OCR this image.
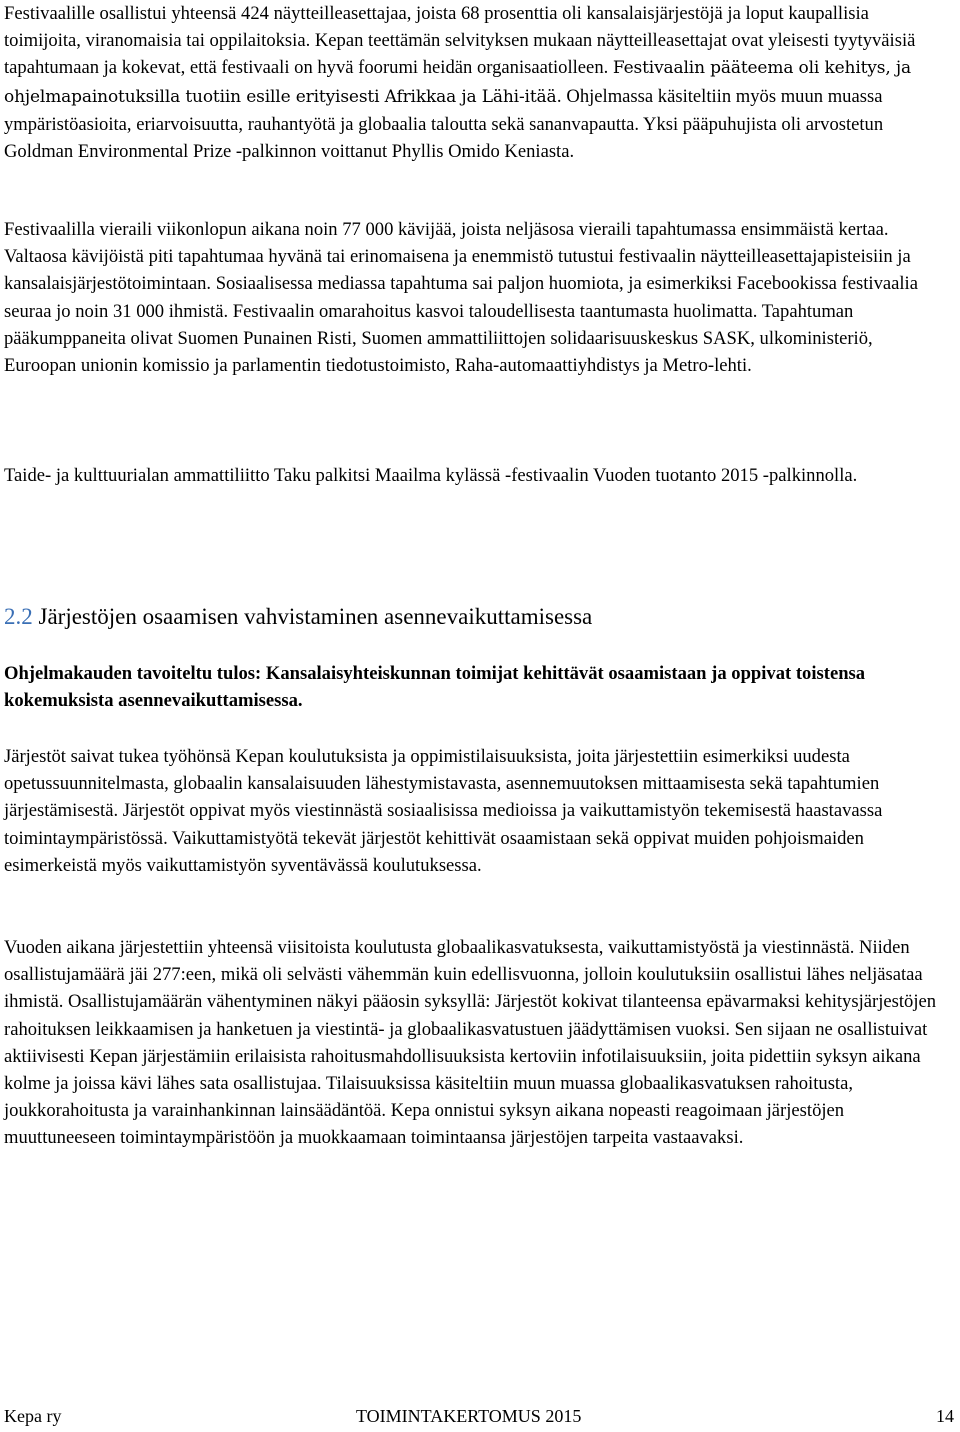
Festivaalille osallistui yhteensä 424 näytteilleasettajaa, joista 68 prosenttia oli kansalaisjärjestöjä ja loput kaupallisia toimijoita, viranomaisia tai oppilaitoksia. Kepan teettämän selvityksen mukaan näytteilleasettajat ovat yleisesti tyytyväisiä tapahtumaan ja kokevat, että festivaali on hyvä foorumi heidän organisaatiolleen. Festivaalin pääteema oli kehitys, ja ohjelmapainotuksilla tuotiin esille erityisesti Afrikkaa ja Lähi-itää. Ohjelmassa käsiteltiin myös muun muassa ympäristöasioita, eriarvoisuutta, rauhantyötä ja globaalia taloutta sekä sananvapautta. Yksi pääpuhujista oli arvostetun Goldman Environmental Prize -palkinnon voittanut Phyllis Omido Keniasta.

Festivaalilla vieraili viikonlopun aikana noin 77 000 kävijää, joista neljäsosa vieraili tapahtumassa ensimmäistä kertaa. Valtaosa kävijöistä piti tapahtumaa hyvänä tai erinomaisena ja enemmistö tutustui festivaalin näytteilleasettajapisteisiin ja kansalaisjärjestötoimintaan. Sosiaalisessa mediassa tapahtuma sai paljon huomiota, ja esimerkiksi Facebookissa festivaalia seuraa jo noin 31 000 ihmistä. Festivaalin omarahoitus kasvoi taloudellisesta taantumasta huolimatta. Tapahtuman pääkumppaneita olivat Suomen Punainen Risti, Suomen ammattiliittojen solidaarisuuskeskus SASK, ulkoministeriö, Euroopan unionin komissio ja parlamentin tiedotustoimisto, Raha-automaattiyhdistys ja Metro-lehti.

Taide- ja kulttuurialan ammattiliitto Taku palkitsi Maailma kylässä -festivaalin Vuoden tuotanto 2015 -palkinnolla.

2.2 Järjestöjen osaamisen vahvistaminen asennevaikuttamisessa

Ohjelmakauden tavoiteltu tulos: Kansalaisyhteiskunnan toimijat kehittävät osaamistaan ja oppivat toistensa kokemuksista asennevaikuttamisessa.

Järjestöt saivat tukea työhönsä Kepan koulutuksista ja oppimistilaisuuksista, joita järjestettiin esimerkiksi uudesta opetussuunnitelmasta, globaalin kansalaisuuden lähestymistavasta, asennemuutoksen mittaamisesta sekä tapahtumien järjestämisestä. Järjestöt oppivat myös viestinnästä sosiaalisissa medioissa ja vaikuttamistyön tekemisestä haastavassa toimintaympäristössä. Vaikuttamistyötä tekevät järjestöt kehittivät osaamistaan sekä oppivat muiden pohjoismaiden esimerkeistä myös vaikuttamistyön syventävässä koulutuksessa.

Vuoden aikana järjestettiin yhteensä viisitoista koulutusta globaalikasvatuksesta, vaikuttamistyöstä ja viestinnästä. Niiden osallistujamäärä jäi 277:een, mikä oli selvästi vähemmän kuin edellisvuonna, jolloin koulutuksiin osallistui lähes neljäsataa ihmistä. Osallistujamäärän vähentyminen näkyi pääosin syksyllä: Järjestöt kokivat tilanteensa epävarmaksi kehitysjärjestöjen rahoituksen leikkaamisen ja hanketuen ja viestintä- ja globaalikasvatustuen jäädyttämisen vuoksi. Sen sijaan ne osallistuivat aktiivisesti Kepan järjestämiin erilaisista rahoitusmahdollisuuksista kertoviin infotilaisuuksiin, joita pidettiin syksyn aikana kolme ja joissa kävi lähes sata osallistujaa. Tilaisuuksissa käsiteltiin muun muassa globaalikasvatuksen rahoitusta, joukkorahoitusta ja varainhankinnan lainsäädäntöä. Kepa onnistui syksyn aikana nopeasti reagoimaan järjestöjen muuttuneeseen toimintaympäristöön ja muokkaamaan toimintaansa järjestöjen tarpeita vastaavaksi.

Kepa ry	TOIMINTAKERTOMUS 2015	14
